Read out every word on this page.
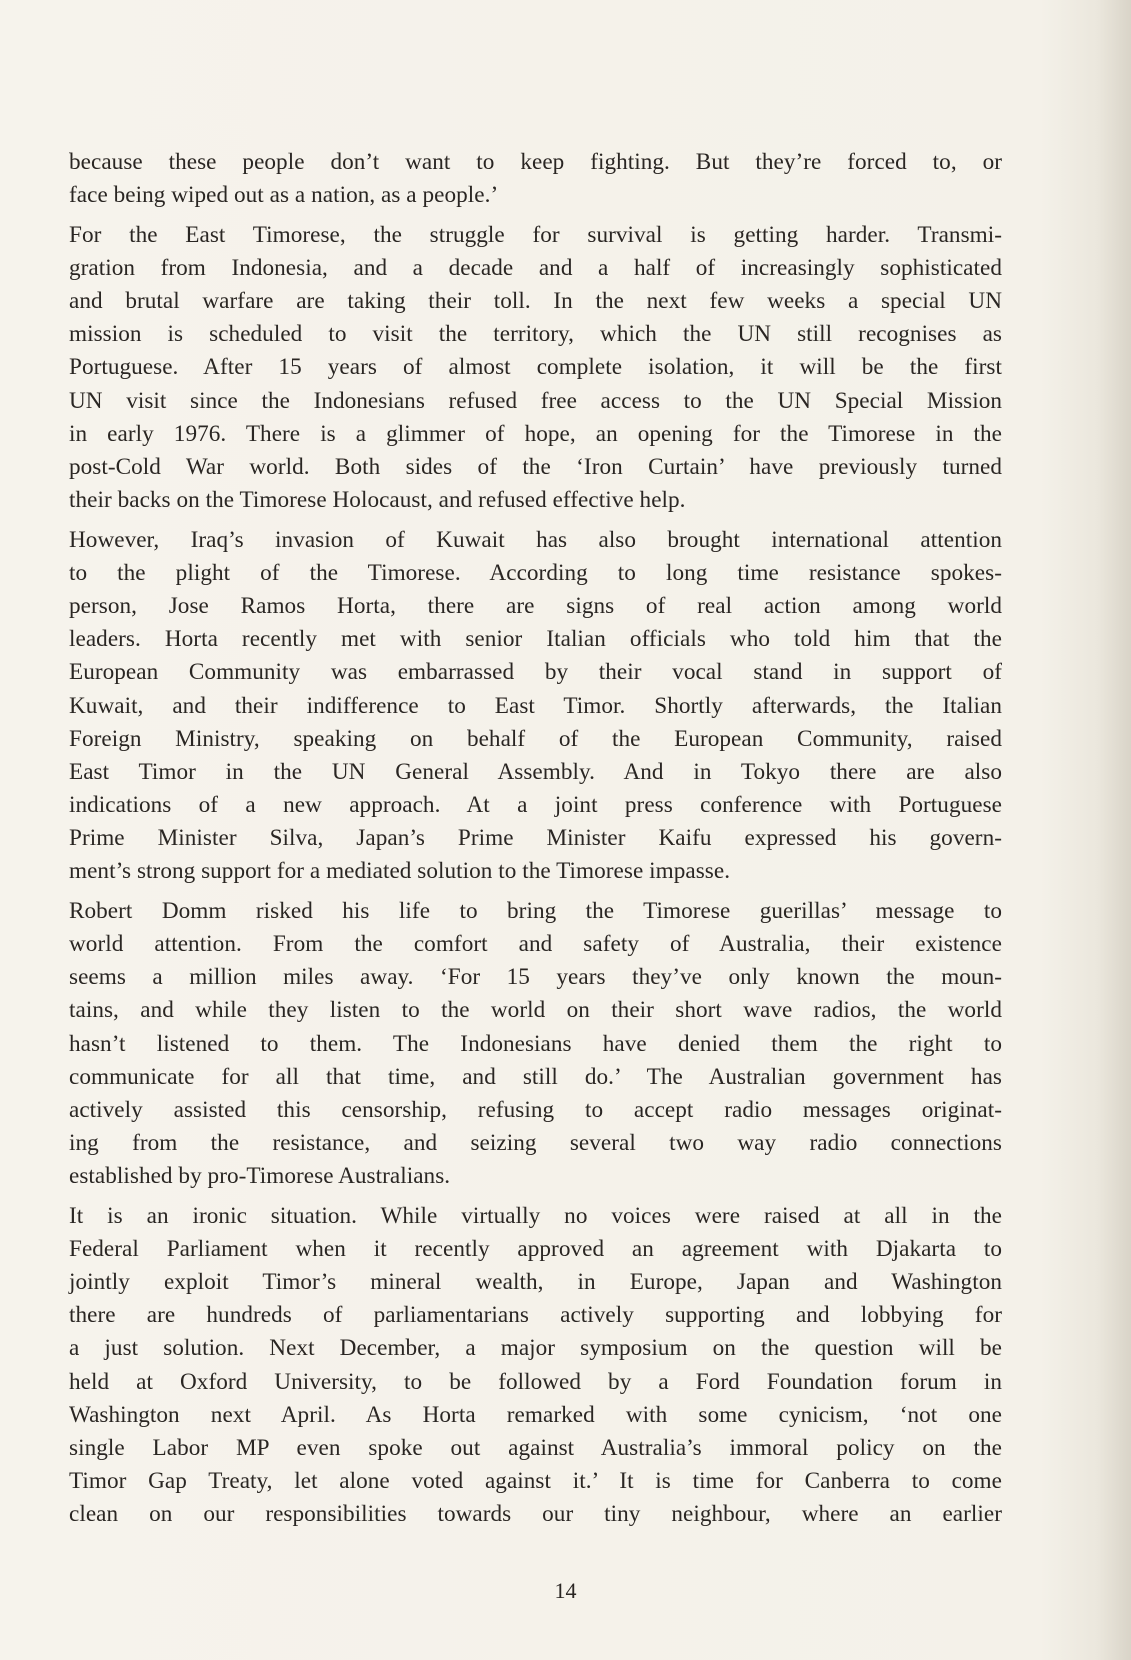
because these people don’t want to keep fighting. But they’re forced to, or
face being wiped out as a nation, as a people.’

For the East Timorese, the struggle for survival is getting harder. Transmi-
gration from Indonesia, and a decade and a half of increasingly sophisticated
and brutal warfare are taking their toll. In the next few weeks a special UN
mission is scheduled to visit the territory, which the UN still recognises as
Portuguese. After 15 years of almost complete isolation, it will be the first
UN visit since the Indonesians refused free access to the UN Special Mission
in early 1976. There is a glimmer of hope, an opening for the Timorese in the
post-Cold War world. Both sides of the ‘Iron Curtain’ have previously turned
their backs on the Timorese Holocaust, and refused effective help.

However, Iraq’s invasion of Kuwait has also brought international attention
to the plight of the Timorese. According to long time resistance spokes-
person, Jose Ramos Horta, there are signs of real action among world
leaders. Horta recently met with senior Italian officials who told him that the
European Community was embarrassed by their vocal stand in support of
Kuwait, and their indifference to East Timor. Shortly afterwards, the Italian
Foreign Ministry, speaking on behalf of the European Community, raised
East Timor in the UN General Assembly. And in Tokyo there are also
indications of a new approach. At a joint press conference with Portuguese
Prime Minister Silva, Japan’s Prime Minister Kaifu expressed his govern-
ment’s strong support for a mediated solution to the Timorese impasse.

Robert Domm risked his life to bring the Timorese guerillas’ message to
world attention. From the comfort and safety of Australia, their existence
seems a million miles away. ‘For 15 years they’ve only known the moun-
tains, and while they listen to the world on their short wave radios, the world
hasn’t listened to them. The Indonesians have denied them the right to
communicate for all that time, and still do.’ The Australian government has
actively assisted this censorship, refusing to accept radio messages originat-
ing from the resistance, and seizing several two way radio connections
established by pro-Timorese Australians.

It is an ironic situation. While virtually no voices were raised at all in the
Federal Parliament when it recently approved an agreement with Djakarta to
jointly exploit Timor’s mineral wealth, in Europe, Japan and Washington
there are hundreds of parliamentarians actively supporting and lobbying for
a just solution. Next December, a major symposium on the question will be
held at Oxford University, to be followed by a Ford Foundation forum in
Washington next April. As Horta remarked with some cynicism, ‘not one
single Labor MP even spoke out against Australia’s immoral policy on the
Timor Gap Treaty, let alone voted against it.’ It is time for Canberra to come
clean on our responsibilities towards our tiny neighbour, where an earlier

14
